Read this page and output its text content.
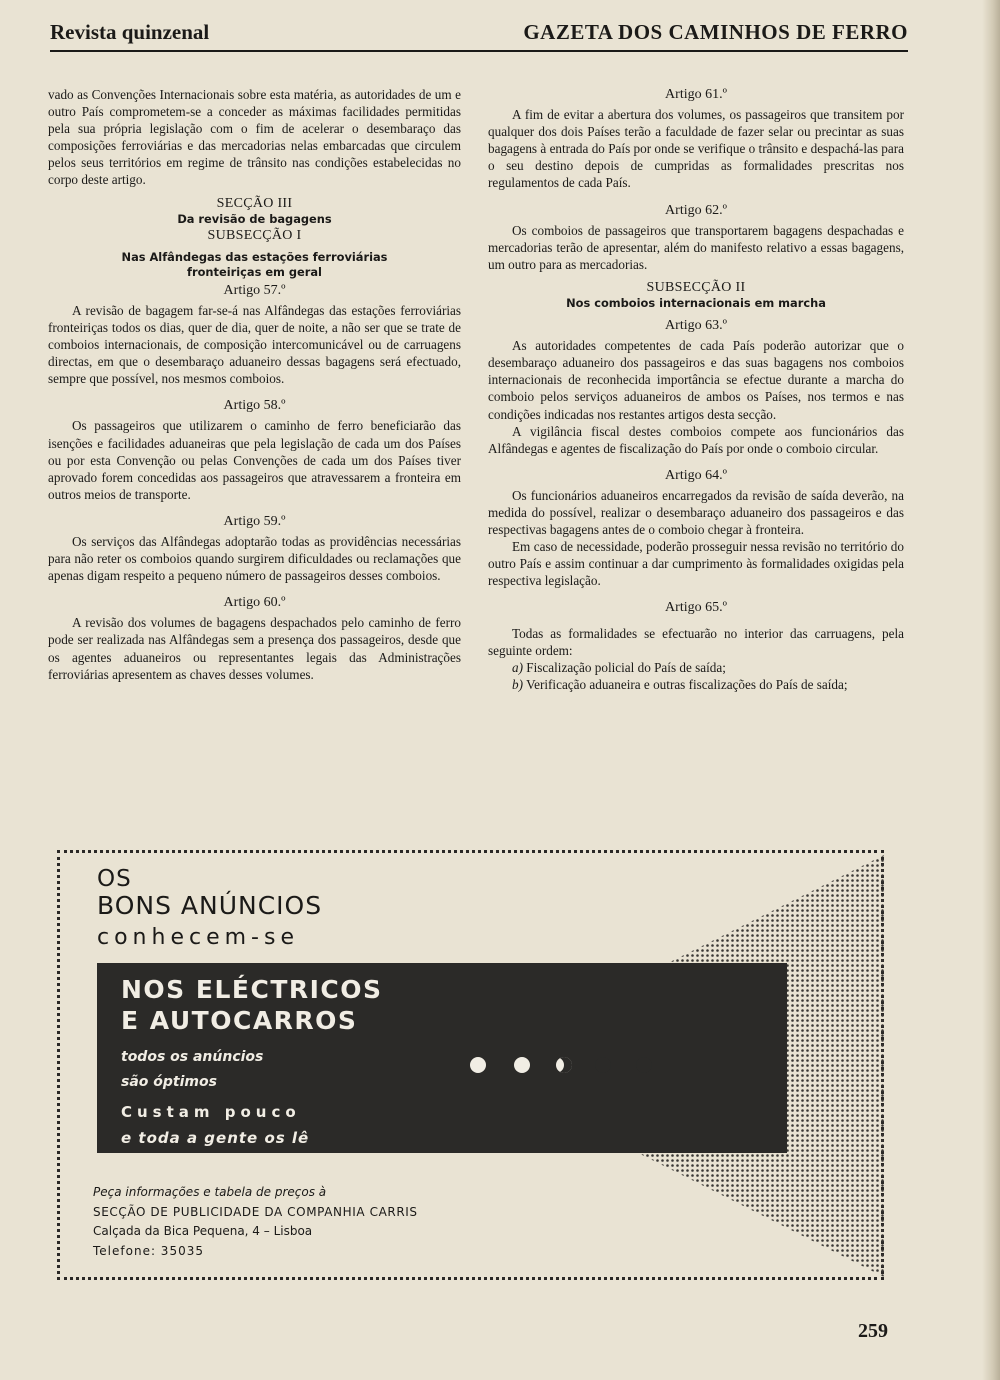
Revista quinzenal	GAZETA DOS CAMINHOS DE FERRO

vado as Convenções Internacionais sobre esta matéria, as autoridades de um e outro País comprometem-se a conceder as máximas facilidades permitidas pela sua própria legislação com o fim de acelerar o desembaraço das composições ferroviárias e das mercadorias nelas embarcadas que circulem pelos seus territórios em regime de trânsito nas condições estabelecidas no corpo deste artigo.

SECÇÃO III
Da revisão de bagagens
SUBSECÇÃO I
Nas Alfândegas das estações ferroviárias fronteiriças em geral
Artigo 57.º

A revisão de bagagem far-se-á nas Alfândegas das estações ferroviárias fronteiriças todos os dias, quer de dia, quer de noite, a não ser que se trate de comboios internacionais, de composição intercomunicável ou de carruagens directas, em que o desembaraço aduaneiro dessas bagagens será efectuado, sempre que possível, nos mesmos comboios.

Artigo 58.º

Os passageiros que utilizarem o caminho de ferro beneficiarão das isenções e facilidades aduaneiras que pela legislação de cada um dos Países ou por esta Convenção ou pelas Convenções de cada um dos Países tiver aprovado forem concedidas aos passageiros que atravessarem a fronteira em outros meios de transporte.

Artigo 59.º

Os serviços das Alfândegas adoptarão todas as providências necessárias para não reter os comboios quando surgirem dificuldades ou reclamações que apenas digam respeito a pequeno número de passageiros desses comboios.

Artigo 60.º

A revisão dos volumes de bagagens despachados pelo caminho de ferro pode ser realizada nas Alfândegas sem a presença dos passageiros, desde que os agentes aduaneiros ou representantes legais das Administrações ferroviárias apresentem as chaves desses volumes.

Artigo 61.º

A fim de evitar a abertura dos volumes, os passageiros que transitem por qualquer dos dois Países terão a faculdade de fazer selar ou precintar as suas bagagens à entrada do País por onde se verifique o trânsito e despachá-las para o seu destino depois de cumpridas as formalidades prescritas nos regulamentos de cada País.

Artigo 62.º

Os comboios de passageiros que transportarem bagagens despachadas e mercadorias terão de apresentar, além do manifesto relativo a essas bagagens, um outro para as mercadorias.

SUBSECÇÃO II
Nos comboios internacionais em marcha
Artigo 63.º

As autoridades competentes de cada País poderão autorizar que o desembaraço aduaneiro dos passageiros e das suas bagagens nos comboios internacionais de reconhecida importância se efectue durante a marcha do comboio pelos serviços aduaneiros de ambos os Países, nos termos e nas condições indicadas nos restantes artigos desta secção.

A vigilância fiscal destes comboios compete aos funcionários das Alfândegas e agentes de fiscalização do País por onde o comboio circular.

Artigo 64.º

Os funcionários aduaneiros encarregados da revisão de saída deverão, na medida do possível, realizar o desembaraço aduaneiro dos passageiros e das respectivas bagagens antes de o comboio chegar à fronteira.

Em caso de necessidade, poderão prosseguir nessa revisão no território do outro País e assim continuar a dar cumprimento às formalidades oxigidas pela respectiva legislação.

Artigo 65.º

Todas as formalidades se efectuarão no interior das carruagens, pela seguinte ordem:

a) Fiscalização policial do País de saída;

b) Verificação aduaneira e outras fiscalizações do País de saída;

OS
BONS ANÚNCIOS
conhecem-se
NOS ELÉCTRICOS
E AUTOCARROS
todos os anúncios
são óptimos
Custam pouco
e toda a gente os lê
Peça informações e tabela de preços à
SECÇÃO DE PUBLICIDADE DA COMPANHIA CARRIS
Calçada da Bica Pequena, 4 – Lisboa
Telefone: 35035
259
